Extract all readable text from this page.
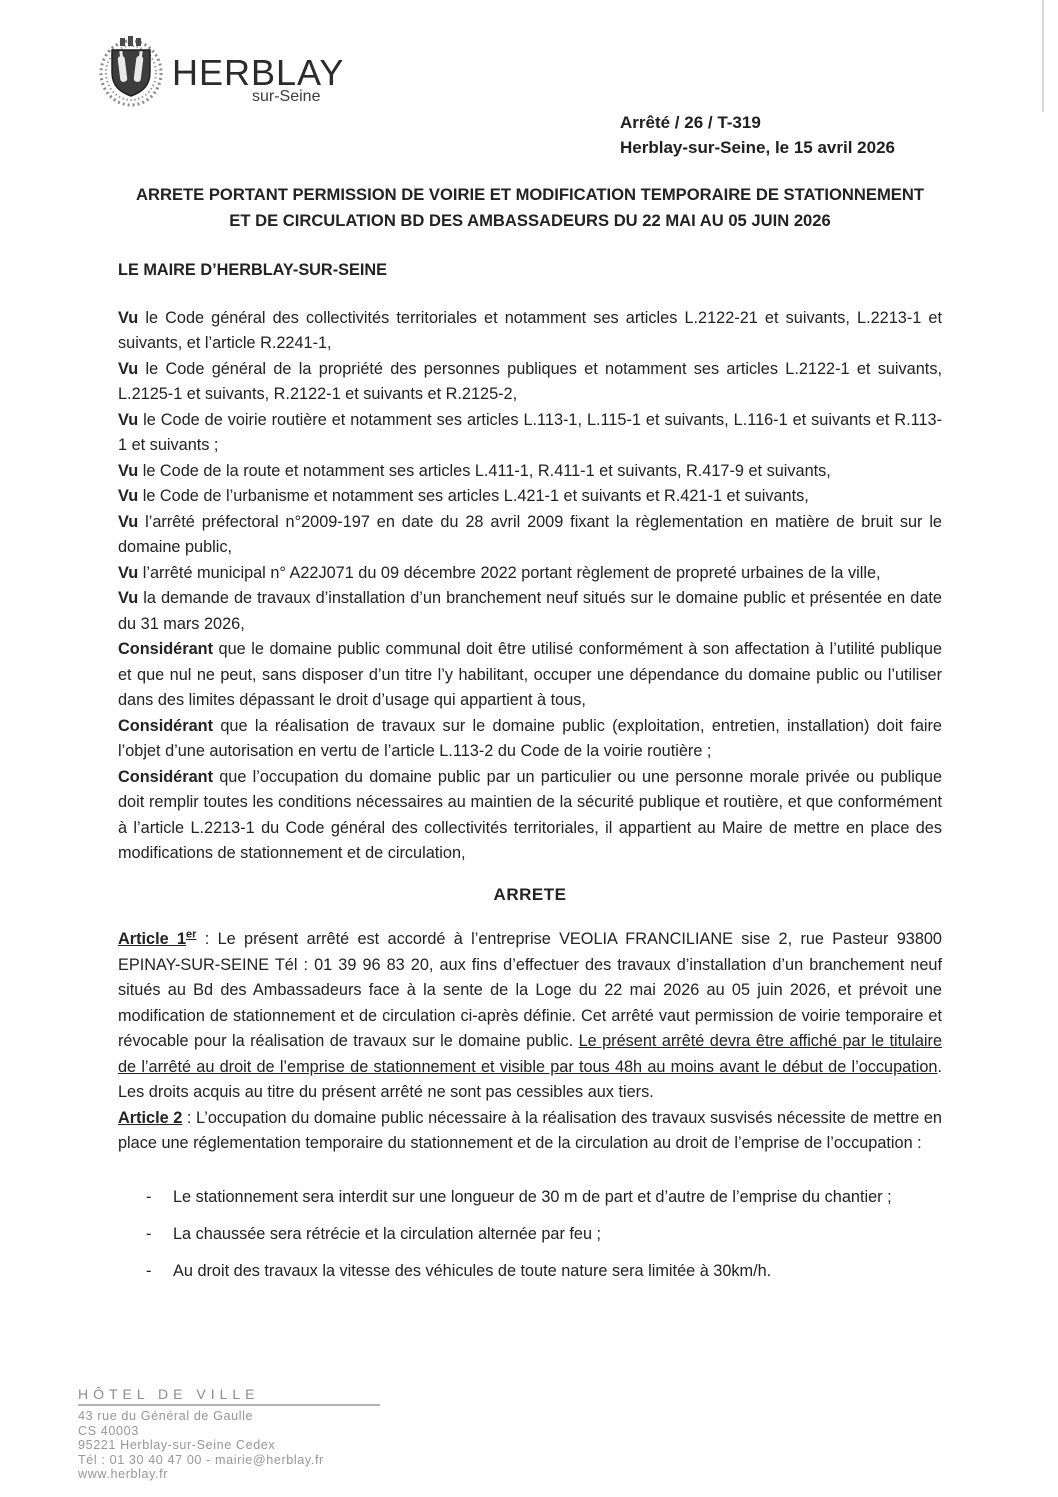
HERBLAY
sur-Seine
Arrêté / 26 / T-319
Herblay-sur-Seine, le 15 avril 2026
ARRETE PORTANT PERMISSION DE VOIRIE ET MODIFICATION TEMPORAIRE DE STATIONNEMENT
ET DE CIRCULATION BD DES AMBASSADEURS DU 22 MAI AU 05 JUIN 2026
LE MAIRE D’HERBLAY-SUR-SEINE

Vu le Code général des collectivités territoriales et notamment ses articles L.2122-21 et suivants, L.2213-1 et suivants, et l’article R.2241-1,

Vu le Code général de la propriété des personnes publiques et notamment ses articles L.2122-1 et suivants, L.2125-1 et suivants, R.2122-1 et suivants et R.2125-2,

Vu le Code de voirie routière et notamment ses articles L.113-1, L.115-1 et suivants, L.116-1 et suivants et R.113-1 et suivants ;

Vu le Code de la route et notamment ses articles L.411-1, R.411-1 et suivants, R.417-9 et suivants,

Vu le Code de l’urbanisme et notamment ses articles L.421-1 et suivants et R.421-1 et suivants,

Vu l’arrêté préfectoral n°2009-197 en date du 28 avril 2009 fixant la règlementation en matière de bruit sur le domaine public,

Vu l’arrêté municipal n° A22J071 du 09 décembre 2022 portant règlement de propreté urbaines de la ville,

Vu la demande de travaux d’installation d’un branchement neuf situés sur le domaine public et présentée en date du 31 mars 2026,

Considérant que le domaine public communal doit être utilisé conformément à son affectation à l’utilité publique et que nul ne peut, sans disposer d’un titre l’y habilitant, occuper une dépendance du domaine public ou l’utiliser dans des limites dépassant le droit d’usage qui appartient à tous,

Considérant que la réalisation de travaux sur le domaine public (exploitation, entretien, installation) doit faire l’objet d’une autorisation en vertu de l’article L.113-2 du Code de la voirie routière ;

Considérant que l’occupation du domaine public par un particulier ou une personne morale privée ou publique doit remplir toutes les conditions nécessaires au maintien de la sécurité publique et routière, et que conformément à l’article L.2213-1 du Code général des collectivités territoriales, il appartient au Maire de mettre en place des modifications de stationnement et de circulation,

ARRETE

Article 1er : Le présent arrêté est accordé à l’entreprise VEOLIA FRANCILIANE sise 2, rue Pasteur 93800 EPINAY-SUR-SEINE Tél : 01 39 96 83 20, aux fins d’effectuer des travaux d’installation d’un branchement neuf situés au Bd des Ambassadeurs face à la sente de la Loge du 22 mai 2026 au 05 juin 2026, et prévoit une modification de stationnement et de circulation ci-après définie. Cet arrêté vaut permission de voirie temporaire et révocable pour la réalisation de travaux sur le domaine public. Le présent arrêté devra être affiché par le titulaire de l’arrêté au droit de l’emprise de stationnement et visible par tous 48h au moins avant le début de l’occupation. Les droits acquis au titre du présent arrêté ne sont pas cessibles aux tiers.

Article 2 : L’occupation du domaine public nécessaire à la réalisation des travaux susvisés nécessite de mettre en place une réglementation temporaire du stationnement et de la circulation au droit de l’emprise de l’occupation :

-	Le stationnement sera interdit sur une longueur de 30 m de part et d’autre de l’emprise du chantier ;
-	La chaussée sera rétrécie et la circulation alternée par feu ;
-	Au droit des travaux la vitesse des véhicules de toute nature sera limitée à 30km/h.
HÔTEL DE VILLE
43 rue du Général de Gaulle
CS 40003
95221 Herblay-sur-Seine Cedex
Tél : 01 30 40 47 00 - mairie@herblay.fr
www.herblay.fr
